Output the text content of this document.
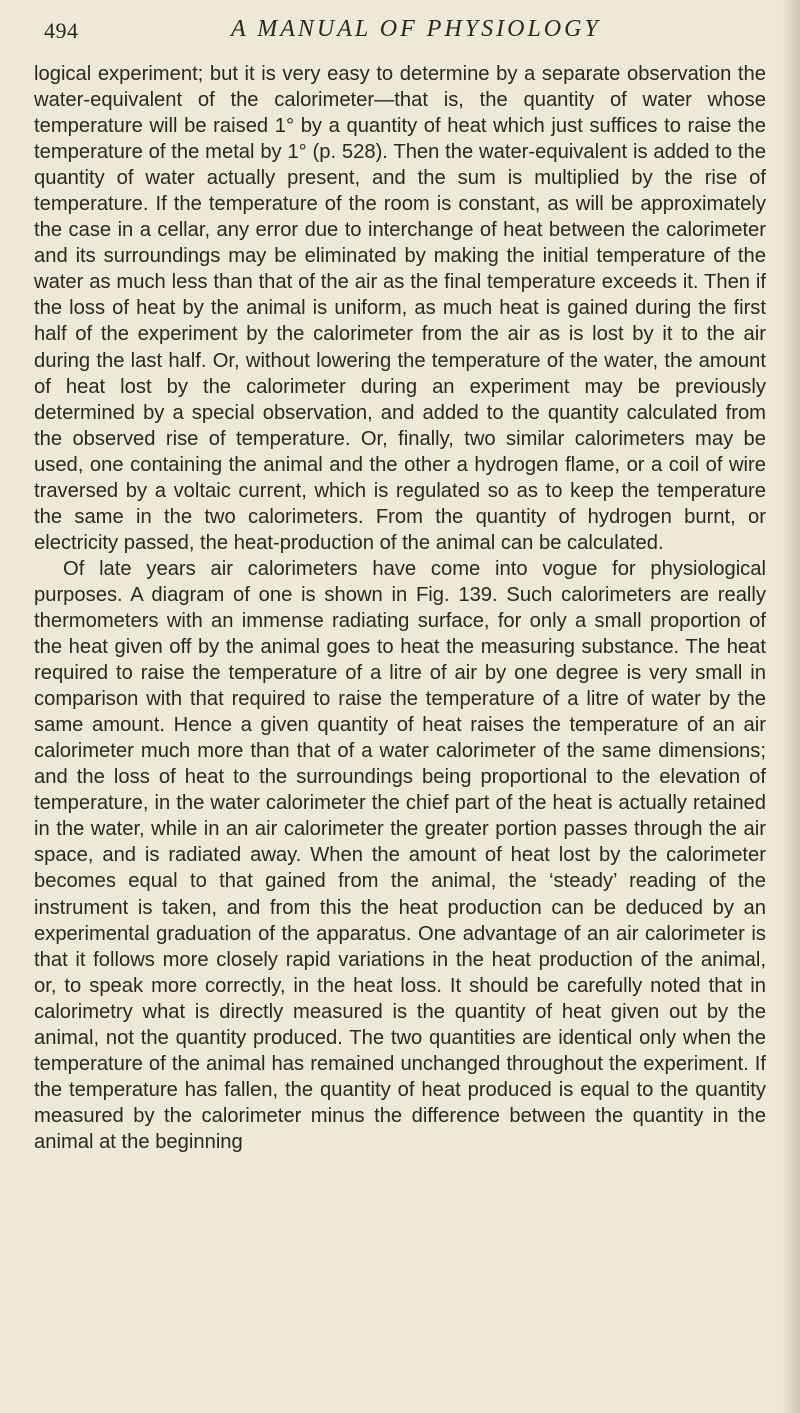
494	A MANUAL OF PHYSIOLOGY

logical experiment; but it is very easy to determine by a separate observation the water-equivalent of the calorimeter—that is, the quantity of water whose temperature will be raised 1° by a quantity of heat which just suffices to raise the temperature of the metal by 1° (p. 528). Then the water-equivalent is added to the quantity of water actually present, and the sum is multiplied by the rise of temperature. If the temperature of the room is constant, as will be approximately the case in a cellar, any error due to interchange of heat between the calorimeter and its surroundings may be eliminated by making the initial temperature of the water as much less than that of the air as the final temperature exceeds it. Then if the loss of heat by the animal is uniform, as much heat is gained during the first half of the experiment by the calorimeter from the air as is lost by it to the air during the last half. Or, without lowering the temperature of the water, the amount of heat lost by the calorimeter during an experiment may be previously determined by a special observation, and added to the quantity calculated from the observed rise of temperature. Or, finally, two similar calorimeters may be used, one containing the animal and the other a hydrogen flame, or a coil of wire traversed by a voltaic current, which is regulated so as to keep the temperature the same in the two calorimeters. From the quantity of hydrogen burnt, or electricity passed, the heat-production of the animal can be calculated.

Of late years air calorimeters have come into vogue for physiological purposes. A diagram of one is shown in Fig. 139. Such calorimeters are really thermometers with an immense radiating surface, for only a small proportion of the heat given off by the animal goes to heat the measuring substance. The heat required to raise the temperature of a litre of air by one degree is very small in comparison with that required to raise the temperature of a litre of water by the same amount. Hence a given quantity of heat raises the temperature of an air calorimeter much more than that of a water calorimeter of the same dimensions; and the loss of heat to the surroundings being proportional to the elevation of temperature, in the water calorimeter the chief part of the heat is actually retained in the water, while in an air calorimeter the greater portion passes through the air space, and is radiated away. When the amount of heat lost by the calorimeter becomes equal to that gained from the animal, the ‘steady’ reading of the instrument is taken, and from this the heat production can be deduced by an experimental graduation of the apparatus. One advantage of an air calorimeter is that it follows more closely rapid variations in the heat production of the animal, or, to speak more correctly, in the heat loss. It should be carefully noted that in calorimetry what is directly measured is the quantity of heat given out by the animal, not the quantity produced. The two quantities are identical only when the temperature of the animal has remained unchanged throughout the experiment. If the temperature has fallen, the quantity of heat produced is equal to the quantity measured by the calorimeter minus the difference between the quantity in the animal at the beginning
